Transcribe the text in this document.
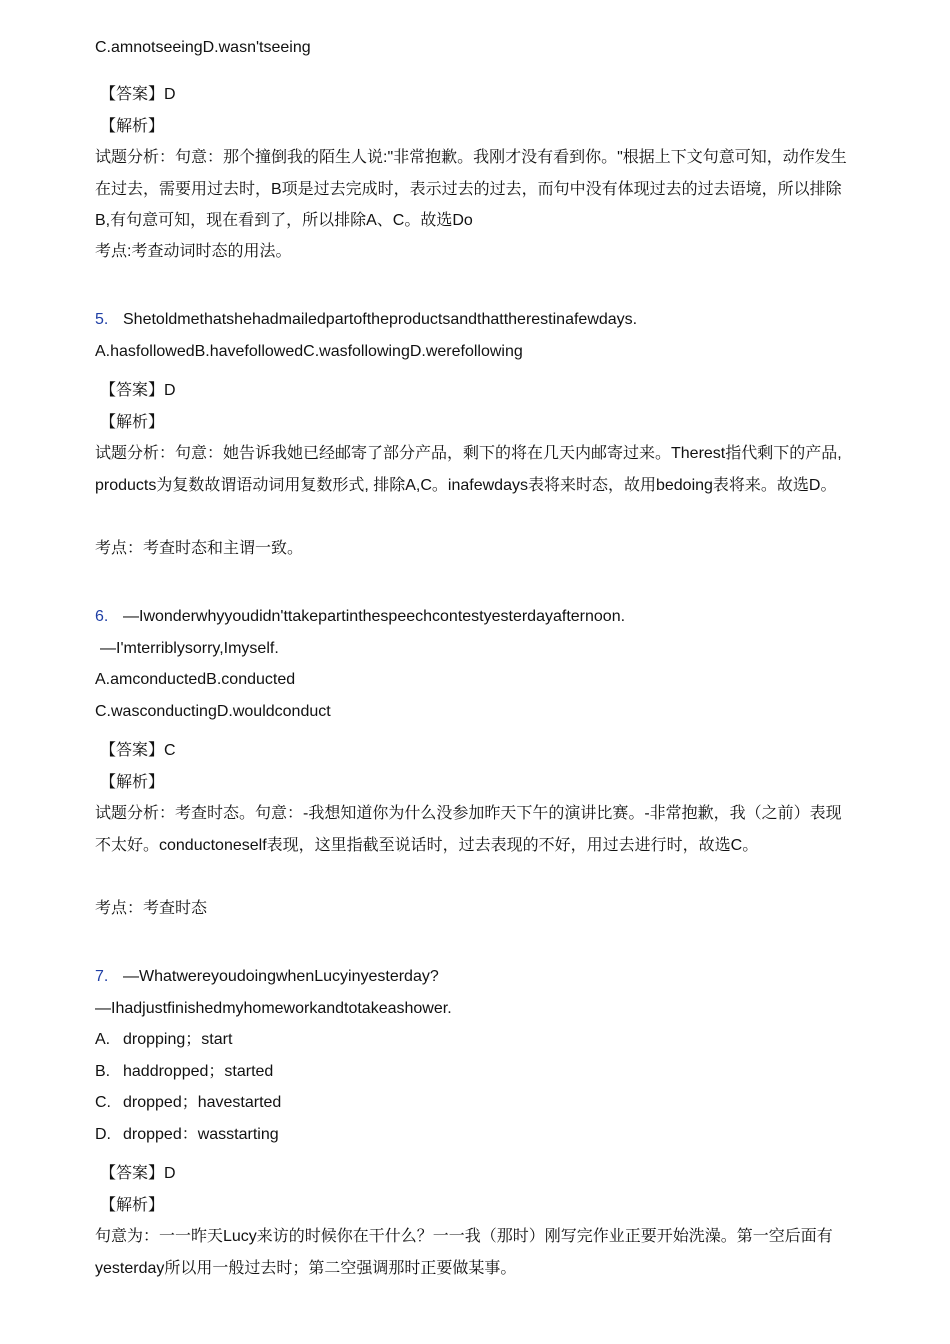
C.amnotseeingD.wasn'tseeing
【答案】D
【解析】
试题分析：句意：那个撞倒我的陌生人说:"非常抱歉。我刚才没有看到你。"根据上下文句意可知，动作发生在过去，需要用过去时，B项是过去完成时，表示过去的过去，而句中没有体现过去的过去语境，所以排除B,有句意可知，现在看到了，所以排除A、C。故选Do
考点:考查动词时态的用法。
5. Shetoldmethatshehadmailedpartoftheproductsandthattherestinafewdays.
A.hasfollowedB.havefollowedC.wasfollowingD.werefollowing
【答案】D
【解析】
试题分析：句意：她告诉我她已经邮寄了部分产品，剩下的将在几天内邮寄过来。Therest指代剩下的产品, products为复数故谓语动词用复数形式, 排除A,C。inafewdays表将来时态，故用bedoing表将来。故选D。
考点：考查时态和主谓一致。
6. —Iwonderwhyyoudidn'ttakepartinthespeechcontestyesterdayafternoon.
—I'mterriblysorry,Imyself.
A.amconductedB.conducted
C.wasconductingD.wouldconduct
【答案】C
【解析】
试题分析：考查时态。句意：-我想知道你为什么没参加昨天下午的演讲比赛。-非常抱歉，我（之前）表现不太好。conductoneself表现，这里指截至说话时，过去表现的不好，用过去进行时，故选C。
考点：考查时态
7. —WhatwereyoudoingwhenLucyinyesterday?
—Ihadjustfinishedmyhomeworkandtotakeashower.
A. dropping；start
B. haddropped；started
C. dropped；havestarted
D. dropped：wasstarting
【答案】D
【解析】
句意为：一一昨天Lucy来访的时候你在干什么？一一我（那时）刚写完作业正要开始洗澡。第一空后面有yesterday所以用一般过去时；第二空强调那时正要做某事。
